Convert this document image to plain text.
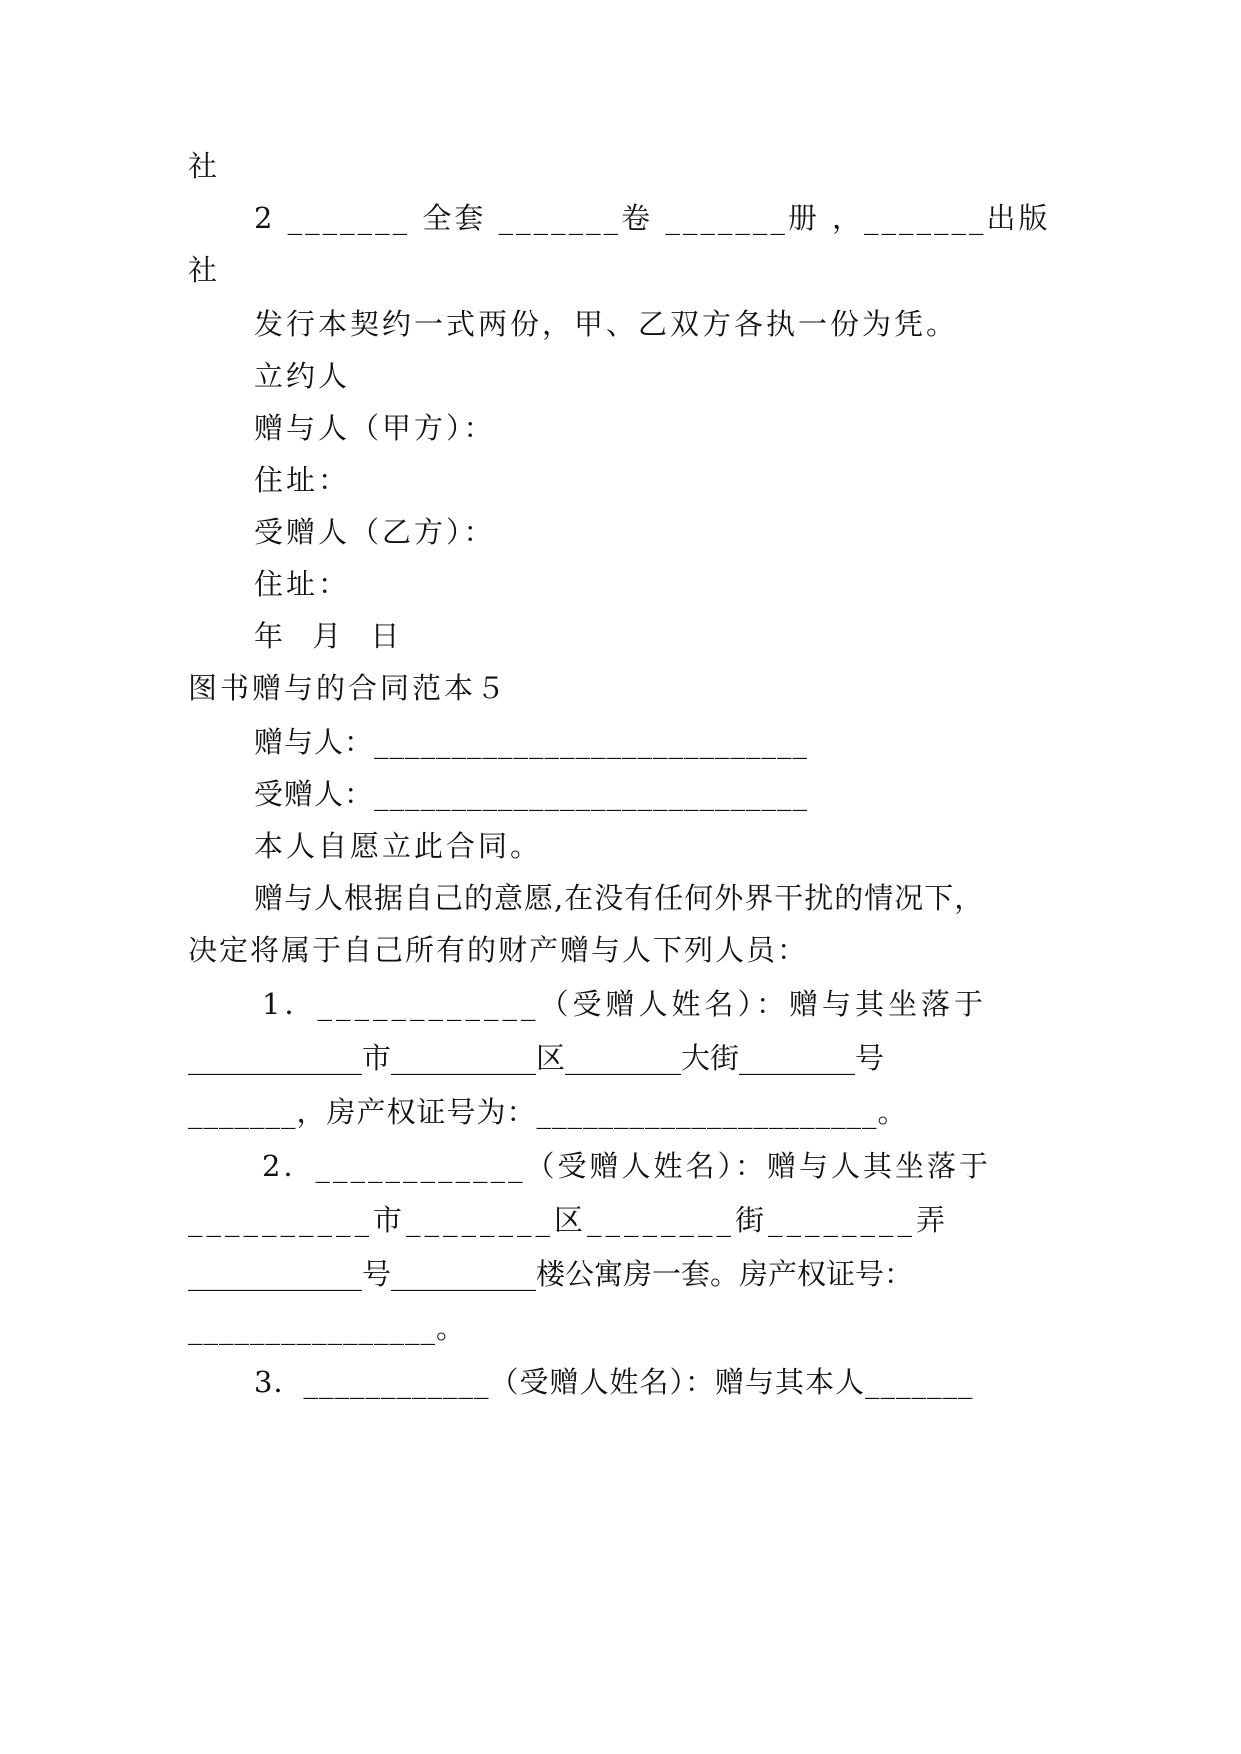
社
2 _______ 全套 _______卷 _______册 ，_______出版
社
发行本契约一式两份，甲、乙双方各执一份为凭。
立约人
赠与人（甲方）：
住址：
受赠人（乙方）：
住址：
年 月 日
图书赠与的合同范本５
赠与人：____________________________
受赠人：____________________________
本人自愿立此合同。
赠与人根据自己的意愿,在没有任何外界干扰的情况下，
决定将属于自己所有的财产赠与人下列人员：
1．____________（受赠人姓名）：赠与其坐落于
____________市__________区________大街________号
_______，房产权证号为：______________________。
2．____________（受赠人姓名）：赠与人其坐落于
__________市________区________街________弄
____________号__________楼公寓房一套。房产权证号：
________________。
3．____________（受赠人姓名）：赠与其本人_______
